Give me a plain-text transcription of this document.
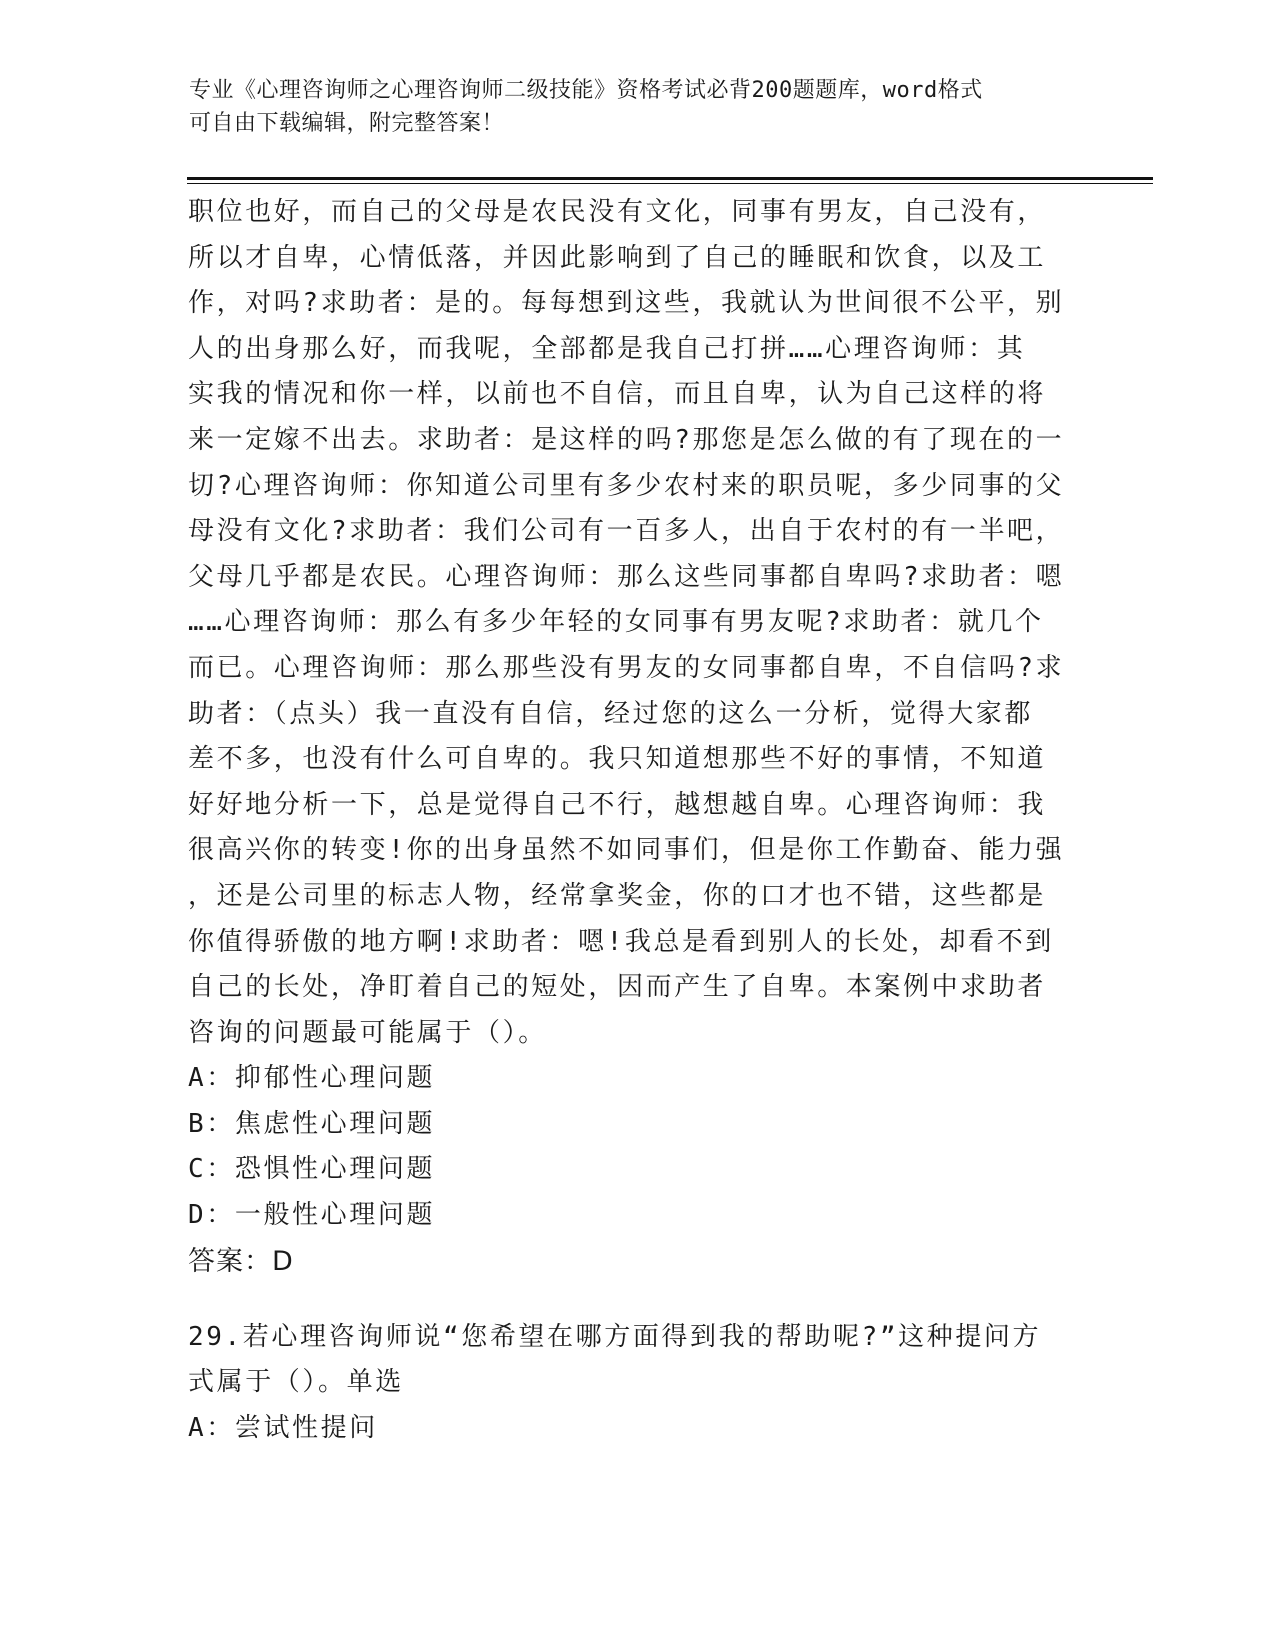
专业《心理咨询师之心理咨询师二级技能》资格考试必背200题题库，word格式

可自由下载编辑，附完整答案！

职位也好，而自己的父母是农民没有文化，同事有男友，自己没有，

所以才自卑，心情低落，并因此影响到了自己的睡眠和饮食，以及工

作，对吗?求助者：是的。每每想到这些，我就认为世间很不公平，别

人的出身那么好，而我呢，全部都是我自己打拼……心理咨询师：其

实我的情况和你一样，以前也不自信，而且自卑，认为自己这样的将

来一定嫁不出去。求助者：是这样的吗?那您是怎么做的有了现在的一

切?心理咨询师：你知道公司里有多少农村来的职员呢，多少同事的父

母没有文化?求助者：我们公司有一百多人，出自于农村的有一半吧，

父母几乎都是农民。心理咨询师：那么这些同事都自卑吗?求助者：嗯

……心理咨询师：那么有多少年轻的女同事有男友呢?求助者：就几个

而已。心理咨询师：那么那些没有男友的女同事都自卑，不自信吗?求

助者：（点头）我一直没有自信，经过您的这么一分析，觉得大家都

差不多，也没有什么可自卑的。我只知道想那些不好的事情，不知道

好好地分析一下，总是觉得自己不行，越想越自卑。心理咨询师：我

很高兴你的转变!你的出身虽然不如同事们，但是你工作勤奋、能力强

，还是公司里的标志人物，经常拿奖金，你的口才也不错，这些都是

你值得骄傲的地方啊!求助者：嗯!我总是看到别人的长处，却看不到

自己的长处，净盯着自己的短处，因而产生了自卑。本案例中求助者

咨询的问题最可能属于（）。

A：抑郁性心理问题

B：焦虑性心理问题

C：恐惧性心理问题

D：一般性心理问题

答案：D

29.若心理咨询师说“您希望在哪方面得到我的帮助呢?”这种提问方

式属于（）。单选

A：尝试性提问
